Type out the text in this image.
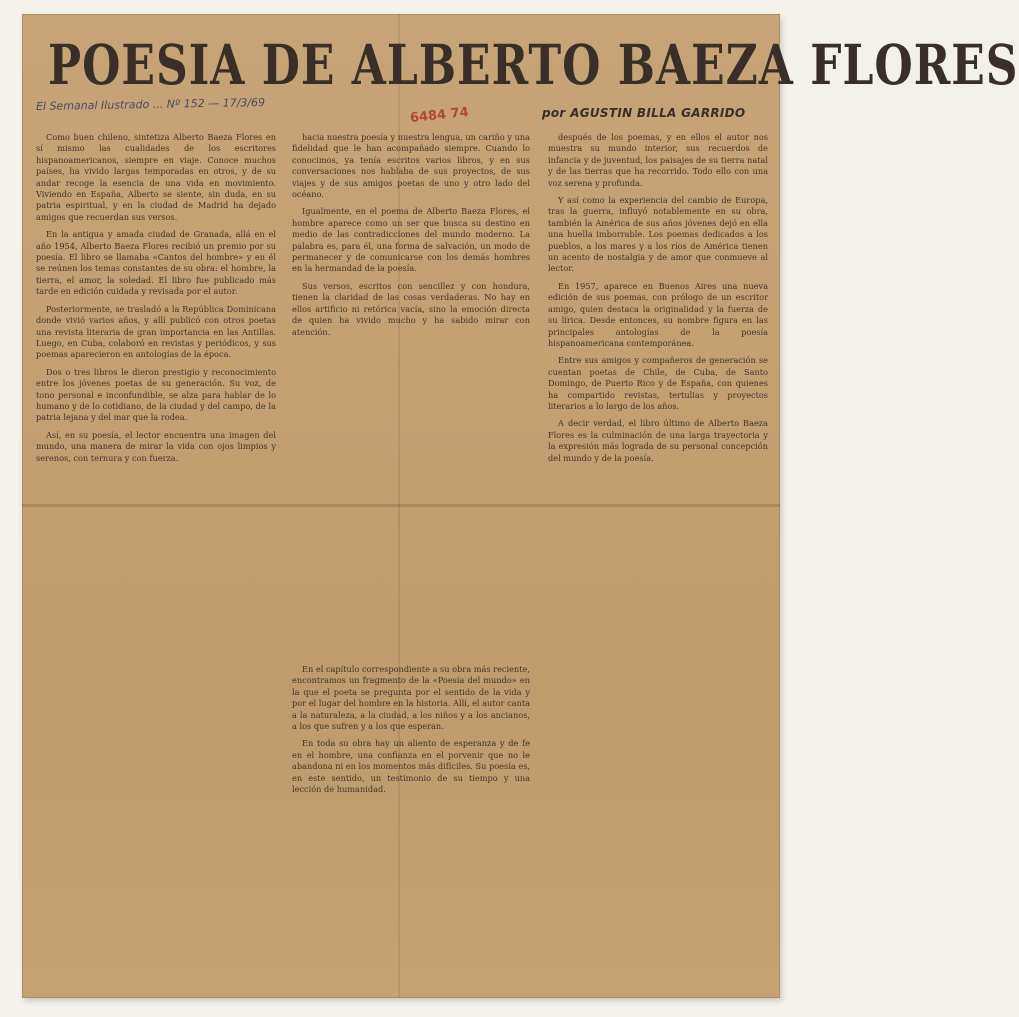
POESIA DE ALBERTO BAEZA FLORES
El Semanal Ilustrado ... Nº 152 — 17/3/69
6484 74	por AGUSTIN BILLA GARRIDO

Como buen chileno, sintetiza Alberto Baeza Flores en sí mismo las cualidades de los escritores hispanoamericanos, siempre en viaje. Conoce muchos países, ha vivido largas temporadas en otros, y de su andar recoge la esencia de una vida en movimiento. Viviendo en España, Alberto se siente, sin duda, en su patria espiritual, y en la ciudad de Madrid ha dejado amigos que recuerdan sus versos.

En la antigua y amada ciudad de Granada, allá en el año 1954, Alberto Baeza Flores recibió un premio por su poesía. El libro se llamaba «Cantos del hombre» y en él se reúnen los temas constantes de su obra: el hombre, la tierra, el amor, la soledad. El libro fue publicado más tarde en edición cuidada y revisada por el autor.

Posteriormente, se trasladó a la República Dominicana donde vivió varios años, y allí publicó con otros poetas una revista literaria de gran importancia en las Antillas. Luego, en Cuba, colaboró en revistas y periódicos, y sus poemas aparecieron en antologías de la época.

Dos o tres libros le dieron prestigio y reconocimiento entre los jóvenes poetas de su generación. Su voz, de tono personal e inconfundible, se alza para hablar de lo humano y de lo cotidiano, de la ciudad y del campo, de la patria lejana y del mar que la rodea.

Así, en su poesía, el lector encuentra una imagen del mundo, una manera de mirar la vida con ojos limpios y serenos, con ternura y con fuerza.

hacia nuestra poesía y nuestra lengua, un cariño y una fidelidad que le han acompañado siempre. Cuando lo conocimos, ya tenía escritos varios libros, y en sus conversaciones nos hablaba de sus proyectos, de sus viajes y de sus amigos poetas de uno y otro lado del océano.

Igualmente, en el poema de Alberto Baeza Flores, el hombre aparece como un ser que busca su destino en medio de las contradicciones del mundo moderno. La palabra es, para él, una forma de salvación, un modo de permanecer y de comunicarse con los demás hombres en la hermandad de la poesía.

Sus versos, escritos con sencillez y con hondura, tienen la claridad de las cosas verdaderas. No hay en ellos artificio ni retórica vacía, sino la emoción directa de quien ha vivido mucho y ha sabido mirar con atención.

En el capítulo correspondiente a su obra más reciente, encontramos un fragmento de la «Poesía del mundo» en la que el poeta se pregunta por el sentido de la vida y por el lugar del hombre en la historia. Allí, el autor canta a la naturaleza, a la ciudad, a los niños y a los ancianos, a los que sufren y a los que esperan.

En toda su obra hay un aliento de esperanza y de fe en el hombre, una confianza en el porvenir que no le abandona ni en los momentos más difíciles. Su poesía es, en este sentido, un testimonio de su tiempo y una lección de humanidad.

después de los poemas, y en ellos el autor nos muestra su mundo interior, sus recuerdos de infancia y de juventud, los paisajes de su tierra natal y de las tierras que ha recorrido. Todo ello con una voz serena y profunda.

Y así como la experiencia del cambio de Europa, tras la guerra, influyó notablemente en su obra, también la América de sus años jóvenes dejó en ella una huella imborrable. Los poemas dedicados a los pueblos, a los mares y a los ríos de América tienen un acento de nostalgia y de amor que conmueve al lector.

En 1957, aparece en Buenos Aires una nueva edición de sus poemas, con prólogo de un escritor amigo, quien destaca la originalidad y la fuerza de su lírica. Desde entonces, su nombre figura en las principales antologías de la poesía hispanoamericana contemporánea.

Entre sus amigos y compañeros de generación se cuentan poetas de Chile, de Cuba, de Santo Domingo, de Puerto Rico y de España, con quienes ha compartido revistas, tertulias y proyectos literarios a lo largo de los años.

A decir verdad, el libro último de Alberto Baeza Flores es la culminación de una larga trayectoria y la expresión más lograda de su personal concepción del mundo y de la poesía.
